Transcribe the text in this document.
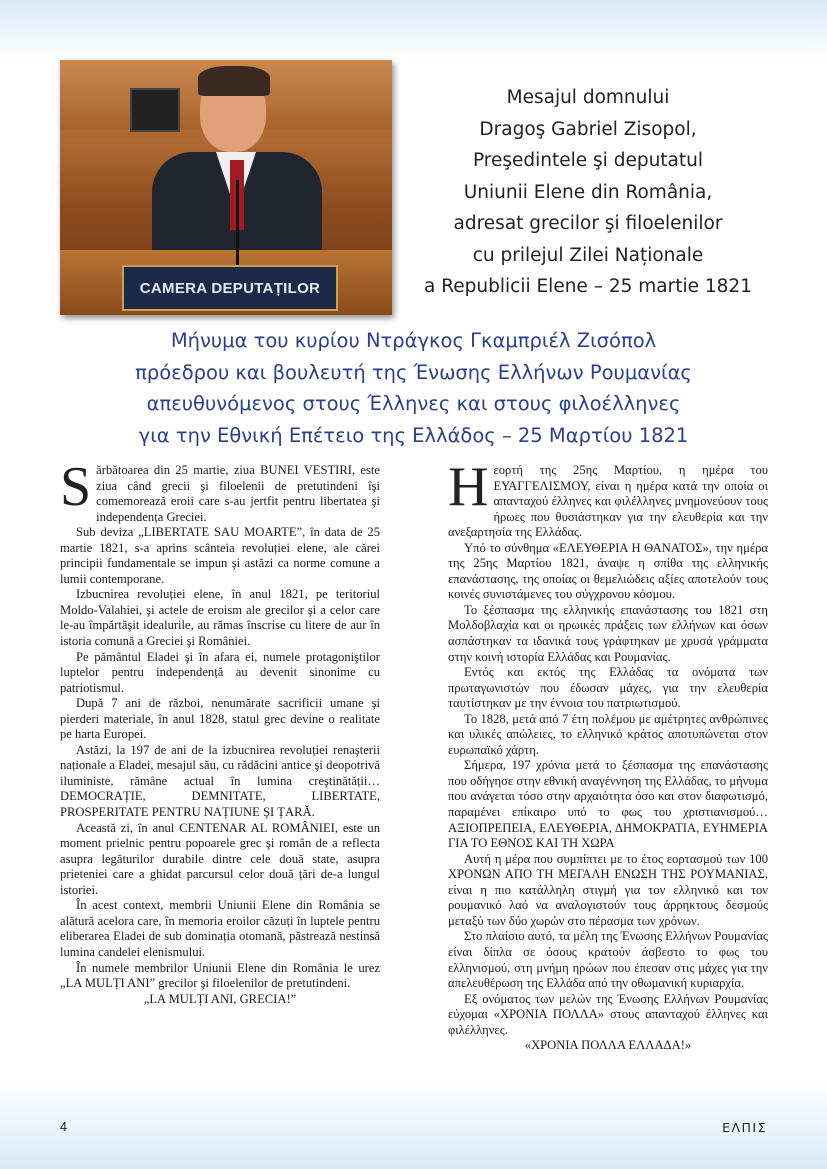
CAMERA DEPUTAȚILOR
Mesajul domnului
Dragoş Gabriel Zisopol,
Preşedintele şi deputatul
Uniunii Elene din România,
adresat grecilor şi filoelenilor
cu prilejul Zilei Naționale
a Republicii Elene – 25 martie 1821
Μήνυμα του κυρίου Ντράγκος Γκαμπριέλ Ζισόπολ
πρόεδρου και βουλευτή της Ένωσης Ελλήνων Ρουμανίας
απευθυνόμενος στους Έλληνες και στους φιλοέλληνες
για την Εθνική Επέτειο της Ελλάδος – 25 Μαρτίου 1821

Sărbătoarea din 25 martie, ziua BUNEI VESTIRI, este ziua când grecii şi filoelenii de pretutindeni îşi comemorează eroii care s-au jertfit pentru libertatea şi independența Greciei.

Sub deviza „LIBERTATE SAU MOARTE”, în data de 25 martie 1821, s-a aprins scânteia revoluției elene, ale cărei principii fundamentale se impun şi astăzi ca norme comune a lumii contemporane.

Izbucnirea revoluției elene, în anul 1821, pe teritoriul Moldo-Valahiei, şi actele de eroism ale grecilor şi a celor care le-au împărtăşit idealurile, au rămas înscrise cu litere de aur în istoria comună a Greciei şi României.

Pe pământul Eladei şi în afara ei, numele protagoniştilor luptelor pentru independență au devenit sinonime cu patriotismul.

După 7 ani de război, nenumărate sacrificii umane şi pierderi materiale, în anul 1828, statul grec devine o realitate pe harta Europei.

Astăzi, la 197 de ani de la izbucnirea revoluției renaşterii naționale a Eladei, mesajul său, cu rădăcini antice şi deopotrivă iluministe, rămâne actual în lumina creştinătății… DEMOCRAȚIE, DEMNITATE, LIBERTATE, PROSPERITATE PENTRU NAȚIUNE ŞI ȚARĂ.

Această zi, în anul CENTENAR AL ROMÂNIEI, este un moment prielnic pentru popoarele grec şi român de a reflecta asupra legăturilor durabile dintre cele două state, asupra prieteniei care a ghidat parcursul celor două țări de-a lungul istoriei.

În acest context, membrii Uniunii Elene din România se alătură acelora care, în memoria eroilor căzuți în luptele pentru eliberarea Eladei de sub dominația otomană, păstrează nestinsă lumina candelei elenismului.

În numele membrilor Uniunii Elene din România le urez „LA MULȚI ANI” grecilor şi filoelenilor de pretutindeni.

„LA MULȚI ANI, GRECIA!”

Ηεορτή της 25ης Μαρτίου, η ημέρα του ΕΥΑΓΓΕΛΙΣΜΟΥ, είναι η ημέρα κατά την οποία οι απανταχού έλληνες και φιλέλληνες μνημονεύουν τους ήρωες που θυσιάστηκαν για την ελευθερία και την ανεξαρτησία της Ελλάδας.

Υπό το σύνθημα «ΕΛΕΥΘΕΡΙΑ Η ΘΑΝΑΤΟΣ», την ημέρα της 25ης Μαρτίου 1821, άναψε η σπίθα της ελληνικής επανάστασης, της οποίας οι θεμελιώδεις αξίες αποτελούν τους κοινές συνιστάμενες του σύγχρονου κόσμου.

Το ξέσπασμα της ελληνικής επανάστασης του 1821 στη Μολδοβλαχία και οι ηρωικές πράξεις των ελλήνων και όσων ασπάστηκαν τα ιδανικά τους γράφτηκαν με χρυσά γράμματα στην κοινή ιστορία Ελλάδας και Ρουμανίας.

Εντός και εκτός της Ελλάδας τα ονόματα των πρωταγωνιστών που έδωσαν μάχες, για την ελευθερία ταυτίστηκαν με την έννοια του πατριωτισμού.

Το 1828, μετά από 7 έτη πολέμου με αμέτρητες ανθρώπινες και υλικές απώλειες, το ελληνικό κράτος αποτυπώνεται στον ευρωπαϊκό χάρτη.

Σήμερα, 197 χρόνια μετά το ξέσπασμα της επανάστασης που οδήγησε στην εθνική αναγέννηση της Ελλάδας, το μήνυμα που ανάγεται τόσο στην αρχαιότητα όσο και στον διαφωτισμό, παραμένει επίκαιρο υπό το φως του χριστιανισμού… ΑΞΙΟΠΡΕΠΕΙΑ, ΕΛΕΥΘΕΡΙΑ, ΔΗΜΟΚΡΑΤΙΑ, ΕΥΗΜΕΡΙΑ ΓΙΑ ΤΟ ΕΘΝΟΣ ΚΑΙ ΤΗ ΧΩΡΑ

Αυτή η μέρα που συμπίπτει με το έτος εορτασμού των 100 ΧΡΟΝΩΝ ΑΠΟ ΤΗ ΜΕΓΑΛΗ ΕΝΩΣΗ ΤΗΣ ΡΟΥΜΑΝΙΑΣ, είναι η πιο κατάλληλη στιγμή για τον ελληνικό και τον ρουμανικό λαό να αναλογιστούν τους άρρηκτους δεσμούς μεταξύ των δύο χωρών στο πέρασμα των χρόνων.

Στο πλαίσιο αυτό, τα μέλη της Ένωσης Ελλήνων Ρουμανίας είναι δίπλα σε όσους κρατούν άσβεστο το φως του ελληνισμού, στη μνήμη ηρώων που έπεσαν στις μάχες για την απελευθέρωση της Ελλάδα από την οθωμανική κυριαρχία.

Εξ ονόματος των μελών της Ένωσης Ελλήνων Ρουμανίας εύχομαι «ΧΡΟΝΙΑ ΠΟΛΛΑ» στους απανταχού έλληνες και φιλέλληνες.

«ΧΡΟΝΙΑ ΠΟΛΛΑ ΕΛΛΑΔΑ!»

4	ΕΛΠΙΣ
